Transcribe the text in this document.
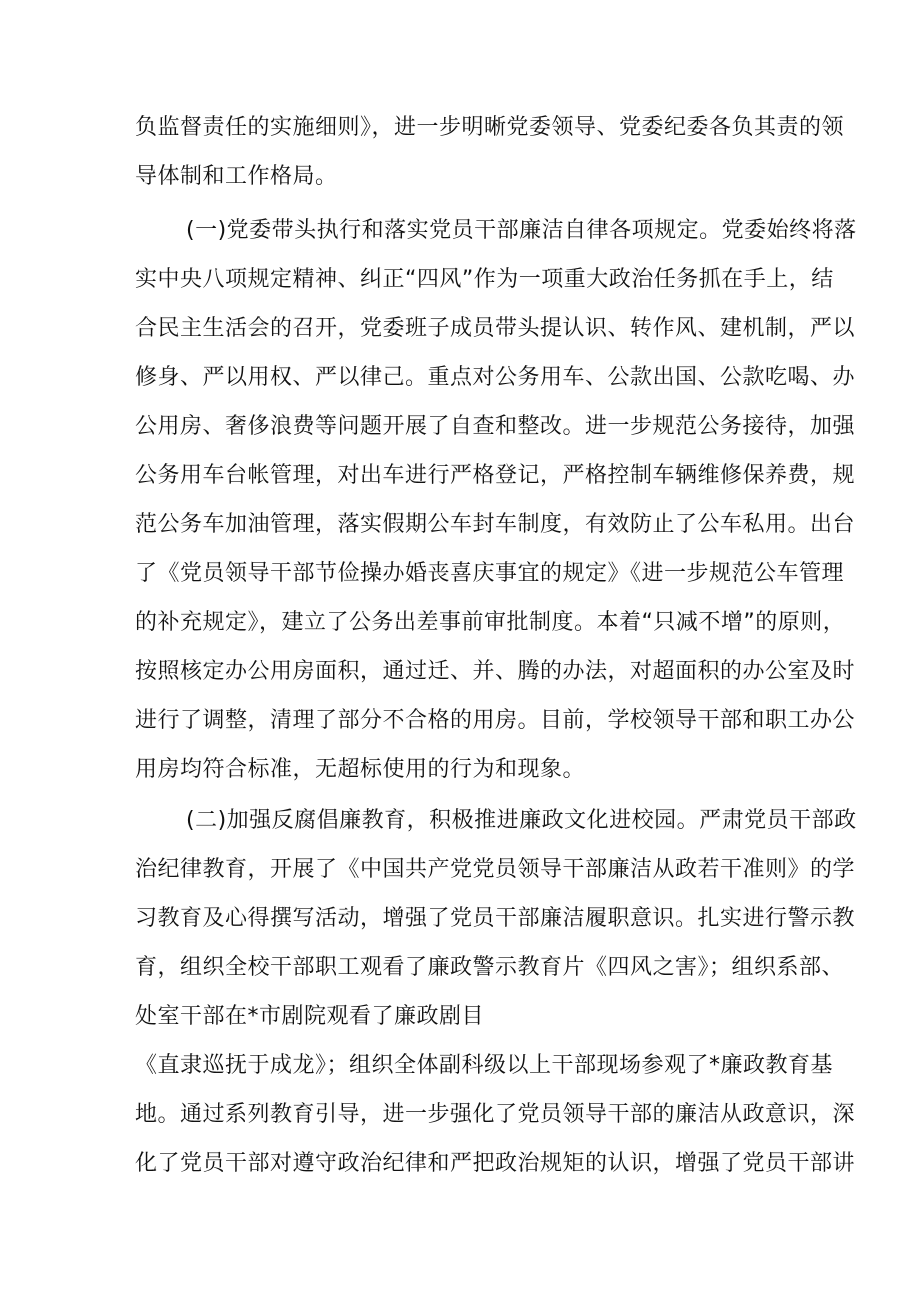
负监督责任的实施细则》，进一步明晰党委领导、党委纪委各负其责的领
导体制和工作格局。
(一)党委带头执行和落实党员干部廉洁自律各项规定。党委始终将落
实中央八项规定精神、纠正“四风”作为一项重大政治任务抓在手上，结
合民主生活会的召开，党委班子成员带头提认识、转作风、建机制，严以
修身、严以用权、严以律己。重点对公务用车、公款出国、公款吃喝、办
公用房、奢侈浪费等问题开展了自查和整改。进一步规范公务接待，加强
公务用车台帐管理，对出车进行严格登记，严格控制车辆维修保养费，规
范公务车加油管理，落实假期公车封车制度，有效防止了公车私用。出台
了《党员领导干部节俭操办婚丧喜庆事宜的规定》《进一步规范公车管理
的补充规定》，建立了公务出差事前审批制度。本着“只减不增”的原则，
按照核定办公用房面积，通过迁、并、腾的办法，对超面积的办公室及时
进行了调整，清理了部分不合格的用房。目前，学校领导干部和职工办公
用房均符合标准，无超标使用的行为和现象。
(二)加强反腐倡廉教育，积极推进廉政文化进校园。严肃党员干部政
治纪律教育，开展了《中国共产党党员领导干部廉洁从政若干准则》的学
习教育及心得撰写活动，增强了党员干部廉洁履职意识。扎实进行警示教
育，组织全校干部职工观看了廉政警示教育片《四风之害》；组织系部、
处室干部在*市剧院观看了廉政剧目
《直隶巡抚于成龙》；组织全体副科级以上干部现场参观了*廉政教育基
地。通过系列教育引导，进一步强化了党员领导干部的廉洁从政意识，深
化了党员干部对遵守政治纪律和严把政治规矩的认识，增强了党员干部讲
